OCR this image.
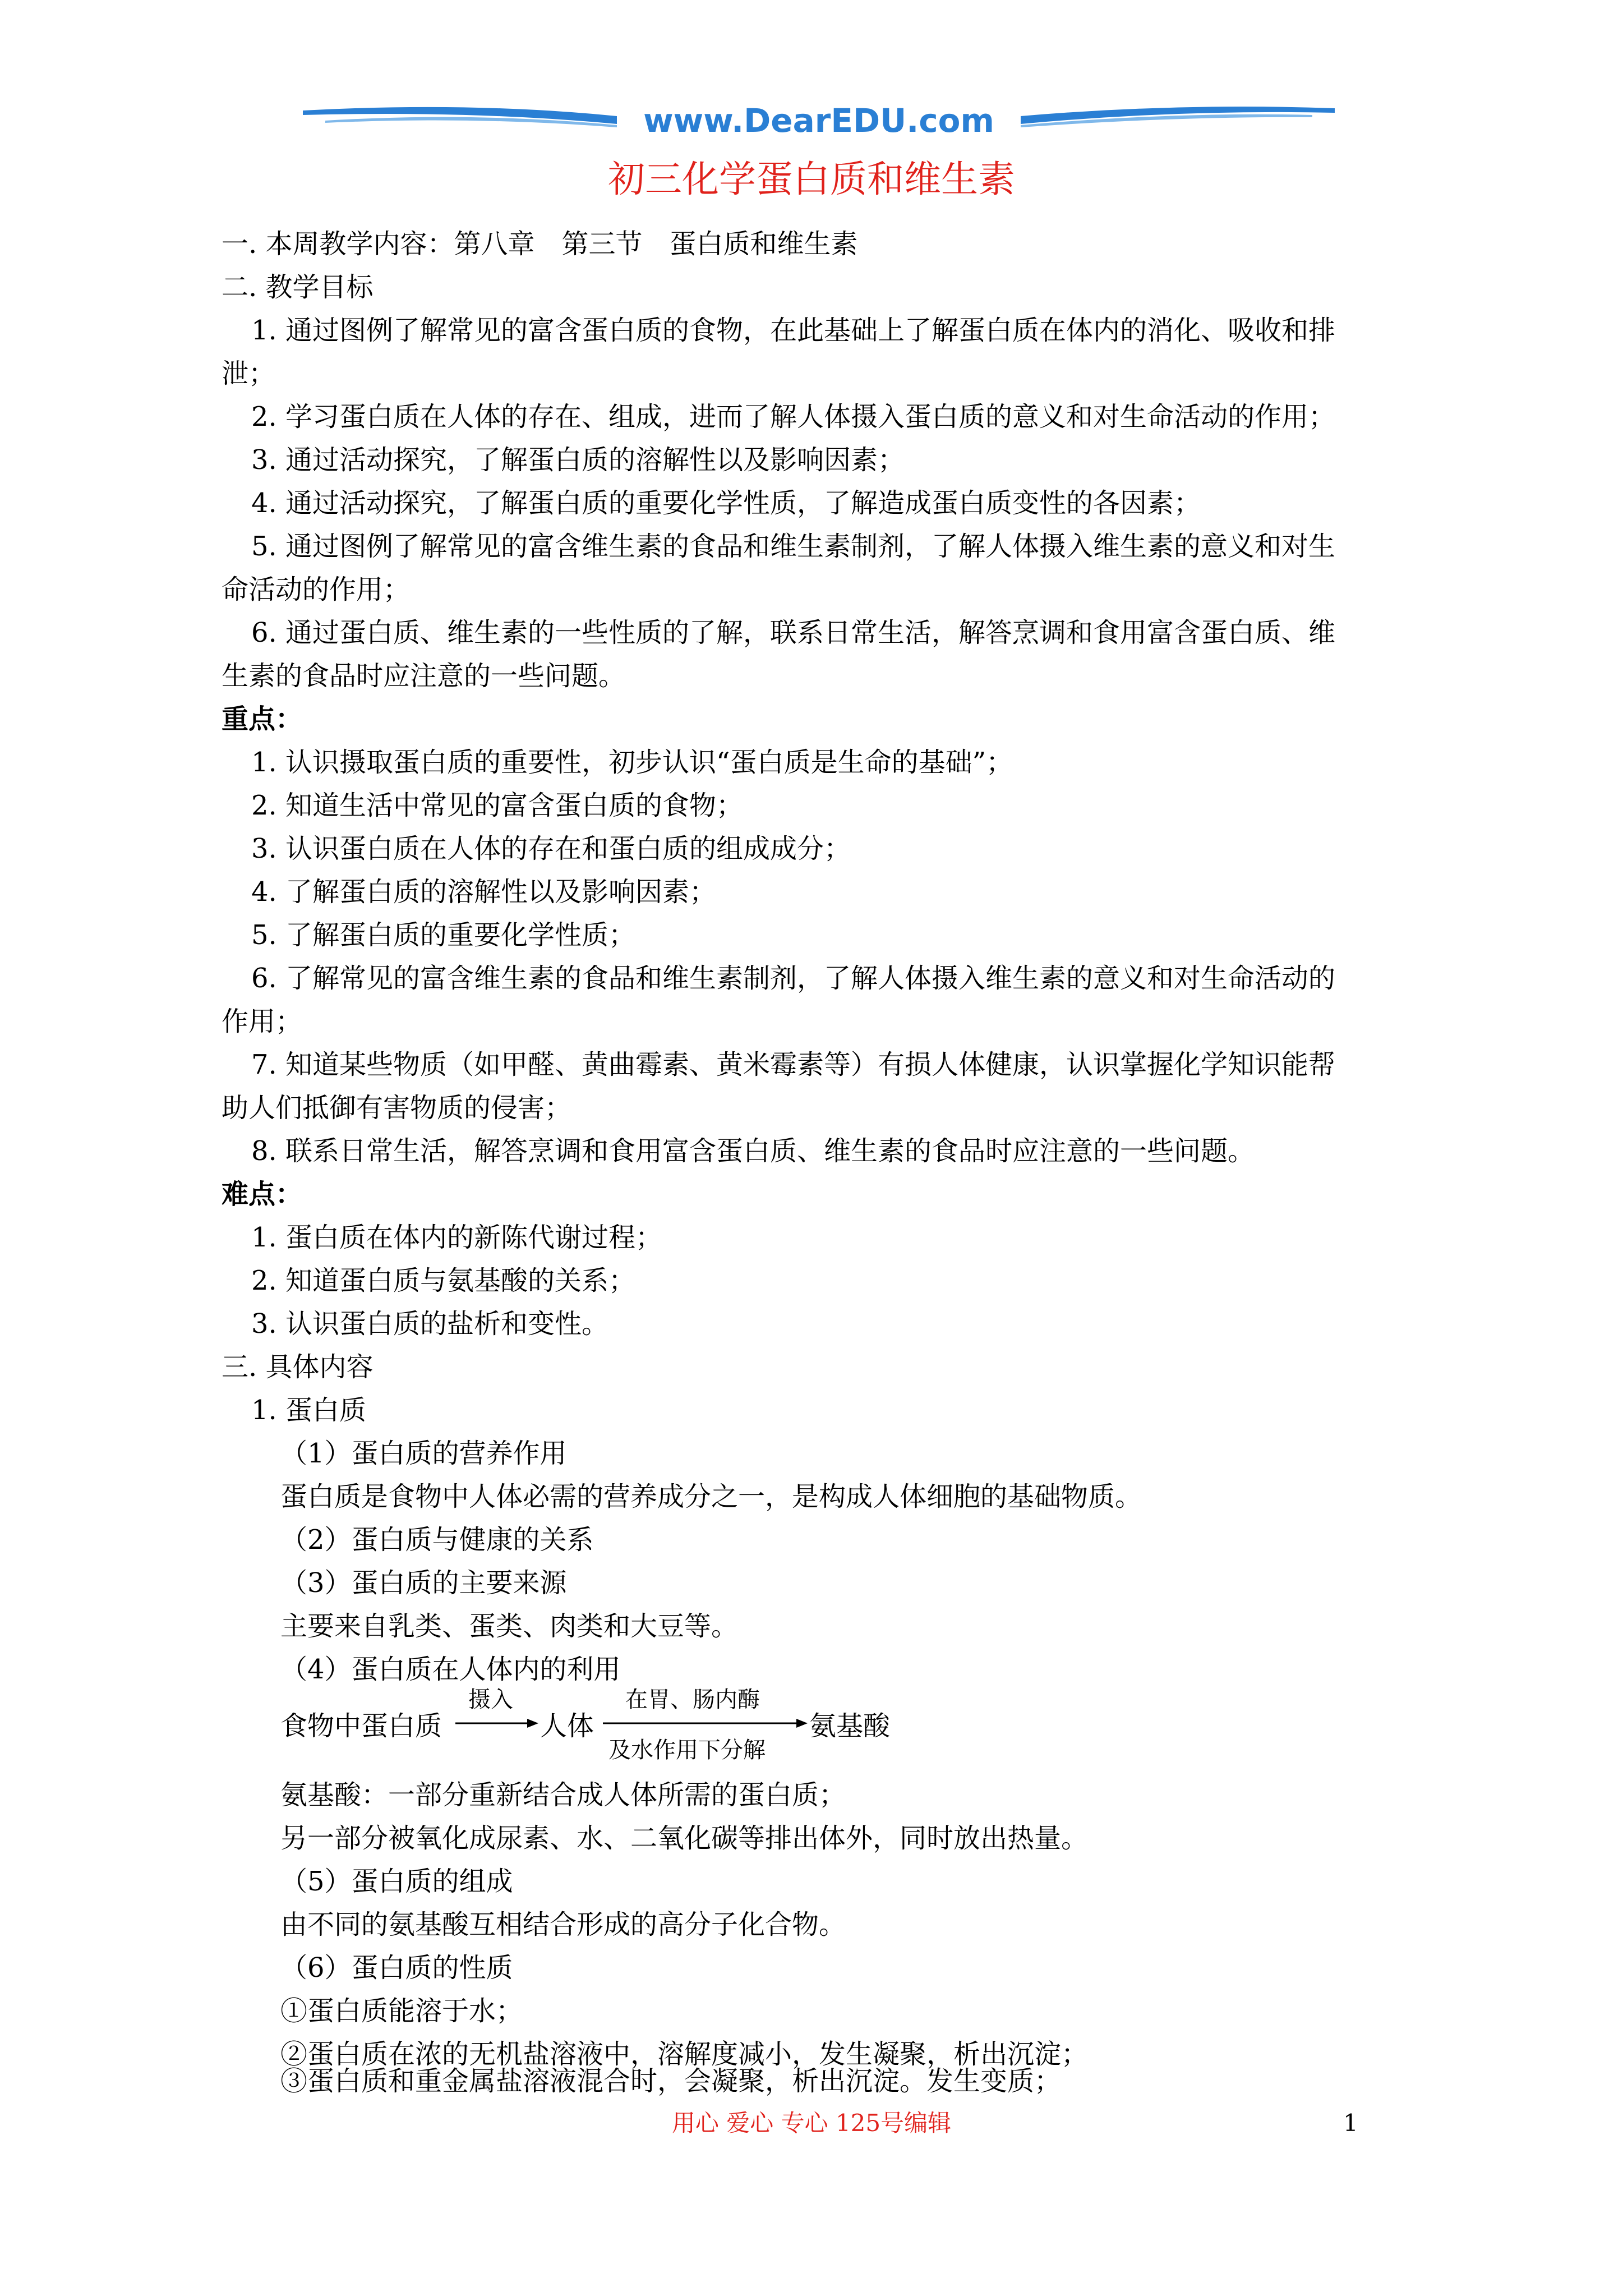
www.DearEDU.com
初三化学蛋白质和维生素
一. 本周教学内容：第八章　第三节　蛋白质和维生素
二. 教学目标
1. 通过图例了解常见的富含蛋白质的食物，在此基础上了解蛋白质在体内的消化、吸收和排
泄；
2. 学习蛋白质在人体的存在、组成，进而了解人体摄入蛋白质的意义和对生命活动的作用；
3. 通过活动探究，了解蛋白质的溶解性以及影响因素；
4. 通过活动探究，了解蛋白质的重要化学性质，了解造成蛋白质变性的各因素；
5. 通过图例了解常见的富含维生素的食品和维生素制剂，了解人体摄入维生素的意义和对生
命活动的作用；
6. 通过蛋白质、维生素的一些性质的了解，联系日常生活，解答烹调和食用富含蛋白质、维
生素的食品时应注意的一些问题。
重点：
1. 认识摄取蛋白质的重要性，初步认识“蛋白质是生命的基础”；
2. 知道生活中常见的富含蛋白质的食物；
3. 认识蛋白质在人体的存在和蛋白质的组成成分；
4. 了解蛋白质的溶解性以及影响因素；
5. 了解蛋白质的重要化学性质；
6. 了解常见的富含维生素的食品和维生素制剂，了解人体摄入维生素的意义和对生命活动的
作用；
7. 知道某些物质（如甲醛、黄曲霉素、黄米霉素等）有损人体健康，认识掌握化学知识能帮
助人们抵御有害物质的侵害；
8. 联系日常生活，解答烹调和食用富含蛋白质、维生素的食品时应注意的一些问题。
难点：
1. 蛋白质在体内的新陈代谢过程；
2. 知道蛋白质与氨基酸的关系；
3. 认识蛋白质的盐析和变性。
三. 具体内容
1. 蛋白质
（1）蛋白质的营养作用
蛋白质是食物中人体必需的营养成分之一，是构成人体细胞的基础物质。
（2）蛋白质与健康的关系
（3）蛋白质的主要来源
主要来自乳类、蛋类、肉类和大豆等。
（4）蛋白质在人体内的利用
食物中蛋白质
摄入
人体
在胃、肠内酶
及水作用下分解
氨基酸
氨基酸：一部分重新结合成人体所需的蛋白质；
另一部分被氧化成尿素、水、二氧化碳等排出体外，同时放出热量。
（5）蛋白质的组成
由不同的氨基酸互相结合形成的高分子化合物。
（6）蛋白质的性质
①蛋白质能溶于水；
②蛋白质在浓的无机盐溶液中，溶解度减小，发生凝聚，析出沉淀；
③蛋白质和重金属盐溶液混合时，会凝聚，析出沉淀。发生变质；
用心 爱心 专心 125号编辑	1
